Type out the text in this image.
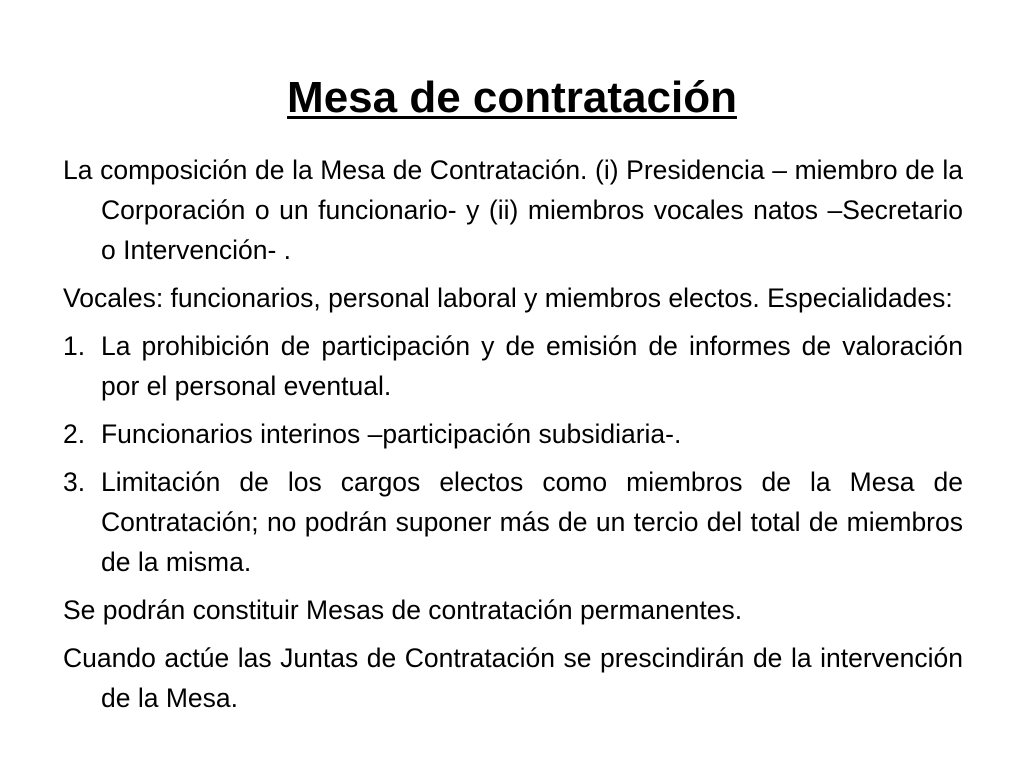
Mesa de contratación

La composición de la Mesa de Contratación. (i) Presidencia – miembro de la Corporación o un funcionario- y (ii) miembros vocales natos –Secretario o Intervención- .

Vocales: funcionarios, personal laboral y miembros electos. Especialidades:

1. La prohibición de participación y de emisión de informes de valoración por el personal eventual.
2. Funcionarios interinos –participación subsidiaria-.
3. Limitación de los cargos electos como miembros de la Mesa de Contratación; no podrán suponer más de un tercio del total de miembros de la misma.

Se podrán constituir Mesas de contratación permanentes.

Cuando actúe las Juntas de Contratación se prescindirán de la intervención de la Mesa.
